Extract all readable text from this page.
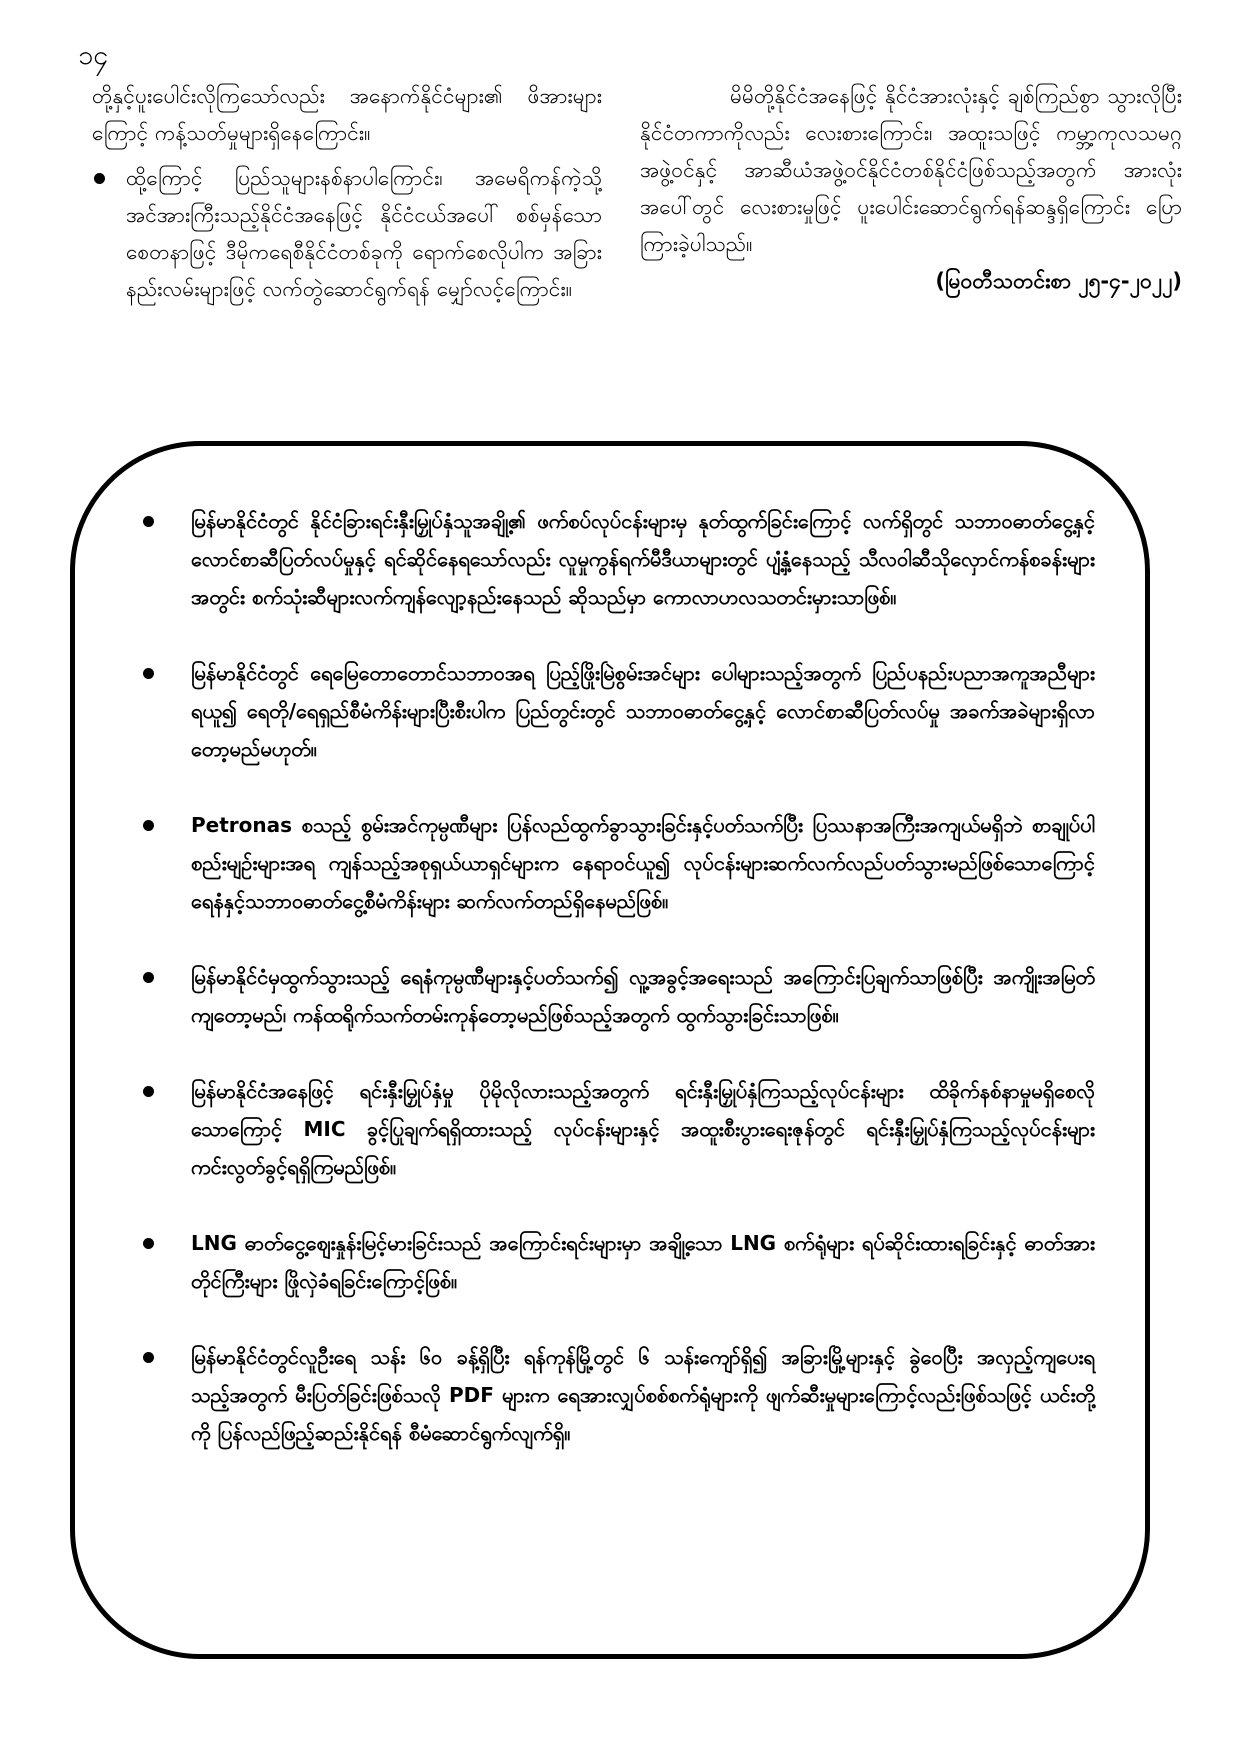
၁၄

တို့နှင့်ပူးပေါင်းလိုကြသော်လည်း အနောက်နိုင်ငံများ၏ ဖိအားများကြောင့် ကန့်သတ်မှုများရှိနေကြောင်း။

ထို့ကြောင့် ပြည်သူများနစ်နာပါကြောင်း၊ အမေရိကန်ကဲ့သို့ အင်အားကြီးသည့်နိုင်ငံအနေဖြင့် နိုင်ငံငယ်အပေါ် စစ်မှန်သောစေတနာဖြင့် ဒီမိုကရေစီနိုင်ငံတစ်ခုကို ရောက်စေလိုပါက အခြားနည်းလမ်းများဖြင့် လက်တွဲဆောင်ရွက်ရန် မျှော်လင့်ကြောင်း။

မိမိတို့နိုင်ငံအနေဖြင့် နိုင်ငံအားလုံးနှင့် ချစ်ကြည်စွာ သွားလိုပြီး နိုင်ငံတကာကိုလည်း လေးစားကြောင်း၊ အထူးသဖြင့် ကမ္ဘာ့ကုလသမဂ္ဂအဖွဲ့ဝင်နှင့် အာဆီယံအဖွဲ့ဝင်နိုင်ငံတစ်နိုင်ငံဖြစ်သည့်အတွက် အားလုံးအပေါ်တွင် လေးစားမှုဖြင့် ပူးပေါင်းဆောင်ရွက်ရန်ဆန္ဒရှိကြောင်း ပြောကြားခဲ့ပါသည်။

(မြဝတီသတင်းစာ ၂၅-၄-၂၀၂၂)

မြန်မာနိုင်ငံတွင် နိုင်ငံခြားရင်းနှီးမြှုပ်နှံသူအချို့၏ ဖက်စပ်လုပ်ငန်းများမှ နုတ်ထွက်ခြင်းကြောင့် လက်ရှိတွင် သဘာဝဓာတ်ငွေ့နှင့် လောင်စာဆီပြတ်လပ်မှုနှင့် ရင်ဆိုင်နေရသော်လည်း လူမှုကွန်ရက်မီဒီယာများတွင် ပျံ့နှံ့နေသည့် သီလဝါဆီသိုလှောင်ကန်စခန်းများအတွင်း စက်သုံးဆီများလက်ကျန်လျော့နည်းနေသည် ဆိုသည်မှာ ကောလာဟလသတင်းမှားသာဖြစ်။
မြန်မာနိုင်ငံတွင် ရေမြေတောတောင်သဘာဝအရ ပြည့်ဖြိုးမြဲစွမ်းအင်များ ပေါများသည့်အတွက် ပြည်ပနည်းပညာအကူအညီများရယူ၍ ရေတို/ရေရှည်စီမံကိန်းများပြီးစီးပါက ပြည်တွင်းတွင် သဘာဝဓာတ်ငွေ့နှင့် လောင်စာဆီပြတ်လပ်မှု အခက်အခဲများရှိလာတော့မည်မဟုတ်။
Petronas စသည့် စွမ်းအင်ကုမ္ပဏီများ ပြန်လည်ထွက်ခွာသွားခြင်းနှင့်ပတ်သက်ပြီး ပြဿနာအကြီးအကျယ်မရှိဘဲ စာချုပ်ပါစည်းမျဉ်းများအရ ကျန်သည့်အစုရှယ်ယာရှင်များက နေရာဝင်ယူ၍ လုပ်ငန်းများဆက်လက်လည်ပတ်သွားမည်ဖြစ်သောကြောင့် ရေနံနှင့်သဘာဝဓာတ်ငွေ့စီမံကိန်းများ ဆက်လက်တည်ရှိနေမည်ဖြစ်။
မြန်မာနိုင်ငံမှထွက်သွားသည့် ရေနံကုမ္ပဏီများနှင့်ပတ်သက်၍ လူ့အခွင့်အရေးသည် အကြောင်းပြချက်သာဖြစ်ပြီး အကျိုးအမြတ်ကျတော့မည်၊ ကန်ထရိုက်သက်တမ်းကုန်တော့မည်ဖြစ်သည့်အတွက် ထွက်သွားခြင်းသာဖြစ်။
မြန်မာနိုင်ငံအနေဖြင့် ရင်းနှီးမြှုပ်နှံမှု ပိုမိုလိုလားသည့်အတွက် ရင်းနှီးမြှုပ်နှံကြသည့်လုပ်ငန်းများ ထိခိုက်နစ်နာမှုမရှိစေလိုသောကြောင့် MIC ခွင့်ပြုချက်ရရှိထားသည့် လုပ်ငန်းများနှင့် အထူးစီးပွားရေးဇုန်တွင် ရင်းနှီးမြှုပ်နှံကြသည့်လုပ်ငန်းများ ကင်းလွတ်ခွင့်ရရှိကြမည်ဖြစ်။
LNG ဓာတ်ငွေ့ဈေးနှုန်းမြင့်မားခြင်းသည် အကြောင်းရင်းများမှာ အချို့သော LNG စက်ရုံများ ရပ်ဆိုင်းထားရခြင်းနှင့် ဓာတ်အားတိုင်ကြီးများ ဖြိုလှဲခံရခြင်းကြောင့်ဖြစ်။
မြန်မာနိုင်ငံတွင်လူဦးရေ သန်း ၆၀ ခန့်ရှိပြီး ရန်ကုန်မြို့တွင် ၆ သန်းကျော်ရှိ၍ အခြားမြို့များနှင့် ခွဲဝေပြီး အလှည့်ကျပေးရသည့်အတွက် မီးပြတ်ခြင်းဖြစ်သလို PDF များက ရေအားလျှပ်စစ်စက်ရုံများကို ဖျက်ဆီးမှုများကြောင့်လည်းဖြစ်သဖြင့် ယင်းတို့ကို ပြန်လည်ဖြည့်ဆည်းနိုင်ရန် စီမံဆောင်ရွက်လျက်ရှိ။
